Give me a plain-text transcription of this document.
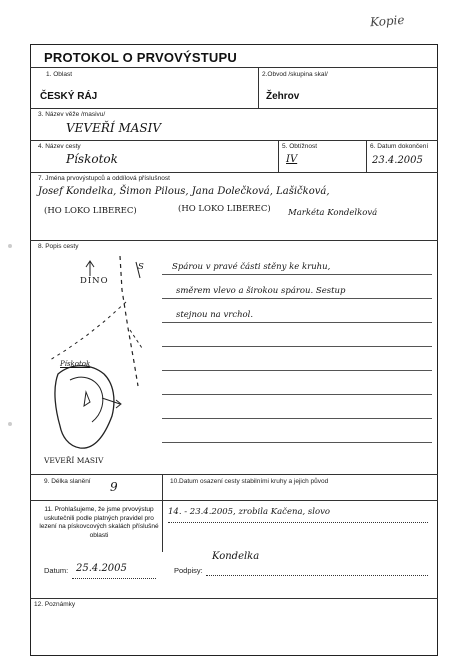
Kopie
PROTOKOL O PRVOVÝSTUPU
1. Oblast
ČESKÝ RÁJ
2.Obvod /skupina skal/
Žehrov
3. Název věže /masivu/
VEVEŘÍ MASIV
4. Název cesty
Pískotok
5. Obtížnost
IV
6. Datum dokončení
23.4.2005
7. Jména prvovýstupců a oddílová příslušnost
Josef Kondelka, Šimon Pilous, Jana Dolečková, Lašičková,
(HO LOKO LIBEREC)	(HO LOKO LIBEREC) Markéta Kondelková
8. Popis cesty
Spárou v pravé části stěny ke kruhu,
směrem vlevo a širokou spárou. Sestup
stejnou na vrchol.
DINO
S
Pískotok
VEVEŘÍ MASIV
9. Délka slanění 9	10.Datum osazení cesty stabilními kruhy a jejich původ
14. - 23.4.2005, zrobila Kačena, slovo
11. Prohlašujeme, že jsme prvovýstup uskutečnili podle platných pravidel pro lezení na pískovcových skalách příslušné oblasti
Datum: 25.4.2005	Podpisy:
Kondelka
12. Poznámky
